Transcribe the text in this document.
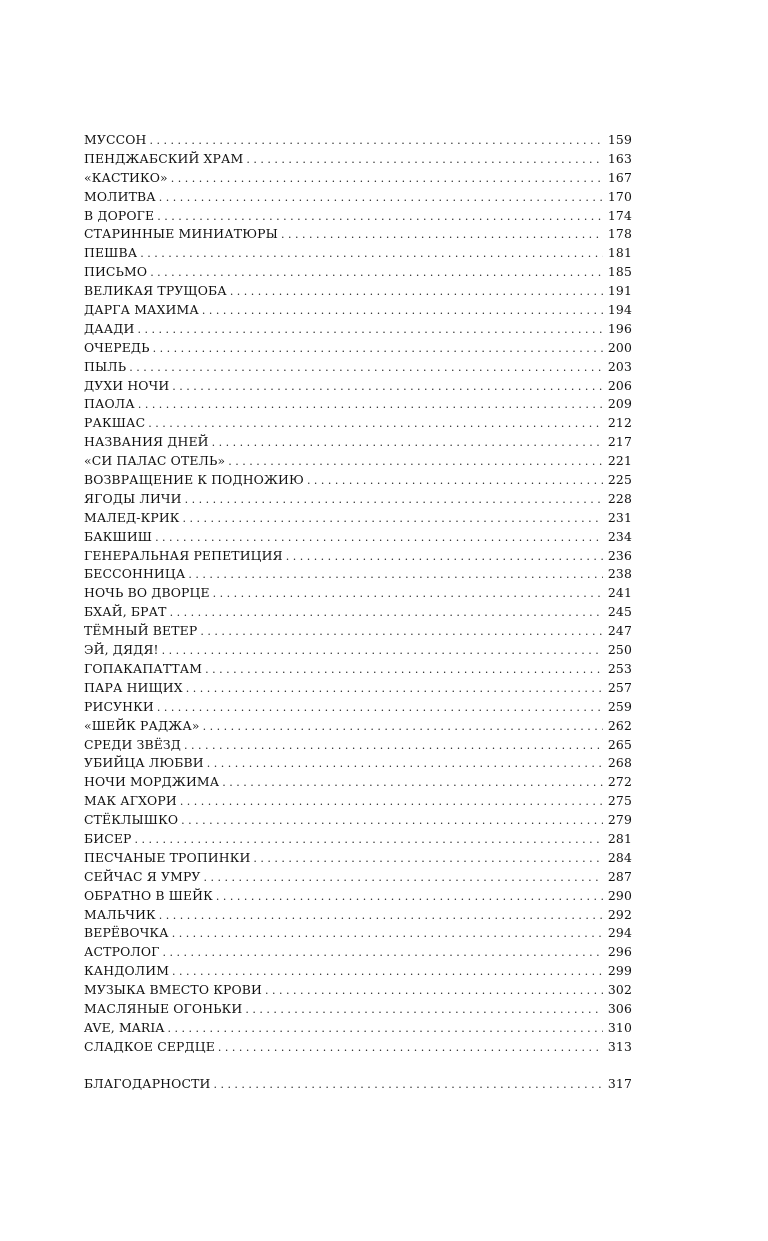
МУССОН . . .	159
ПЕНДЖАБСКИЙ ХРАМ . . .	163
«КАСТИКО» . . .	167
МОЛИТВА . . .	170
В ДОРОГЕ . . .	174
СТАРИННЫЕ МИНИАТЮРЫ . . .	178
ПЕШВА . . .	181
ПИСЬМО . . .	185
ВЕЛИКАЯ ТРУЩОБА . . .	191
ДАРГА МАХИМА . . .	194
ДААДИ . . .	196
ОЧЕРЕДЬ . . .	200
ПЫЛЬ . . .	203
ДУХИ НОЧИ . . .	206
ПАОЛА . . .	209
РАКШАС . . .	212
НАЗВАНИЯ ДНЕЙ . . .	217
«СИ ПАЛАС ОТЕЛЬ» . . .	221
ВОЗВРАЩЕНИЕ К ПОДНОЖИЮ . . .	225
ЯГОДЫ ЛИЧИ . . .	228
МАЛЕД-КРИК . . .	231
БАКШИШ . . .	234
ГЕНЕРАЛЬНАЯ РЕПЕТИЦИЯ . . .	236
БЕССОННИЦА . . .	238
НОЧЬ ВО ДВОРЦЕ . . .	241
БХАЙ, БРАТ . . .	245
ТЁМНЫЙ ВЕТЕР . . .	247
ЭЙ, ДЯДЯ! . . .	250
ГОПАКАПАТТАМ . . .	253
ПАРА НИЩИХ . . .	257
РИСУНКИ . . .	259
«ШЕЙК РАДЖА» . . .	262
СРЕДИ ЗВЁЗД . . .	265
УБИЙЦА ЛЮБВИ . . .	268
НОЧИ МОРДЖИМА . . .	272
МАК АГХОРИ . . .	275
СТЁКЛЫШКО . . .	279
БИСЕР . . .	281
ПЕСЧАНЫЕ ТРОПИНКИ . . .	284
СЕЙЧАС Я УМРУ . . .	287
ОБРАТНО В ШЕЙК . . .	290
МАЛЬЧИК . . .	292
ВЕРЁВОЧКА . . .	294
АСТРОЛОГ . . .	296
КАНДОЛИМ . . .	299
МУЗЫКА ВМЕСТО КРОВИ . . .	302
МАСЛЯНЫЕ ОГОНЬКИ . . .	306
AVE, MARIA . . .	310
СЛАДКОЕ СЕРДЦЕ . . .	313
БЛАГОДАРНОСТИ . . .	317
